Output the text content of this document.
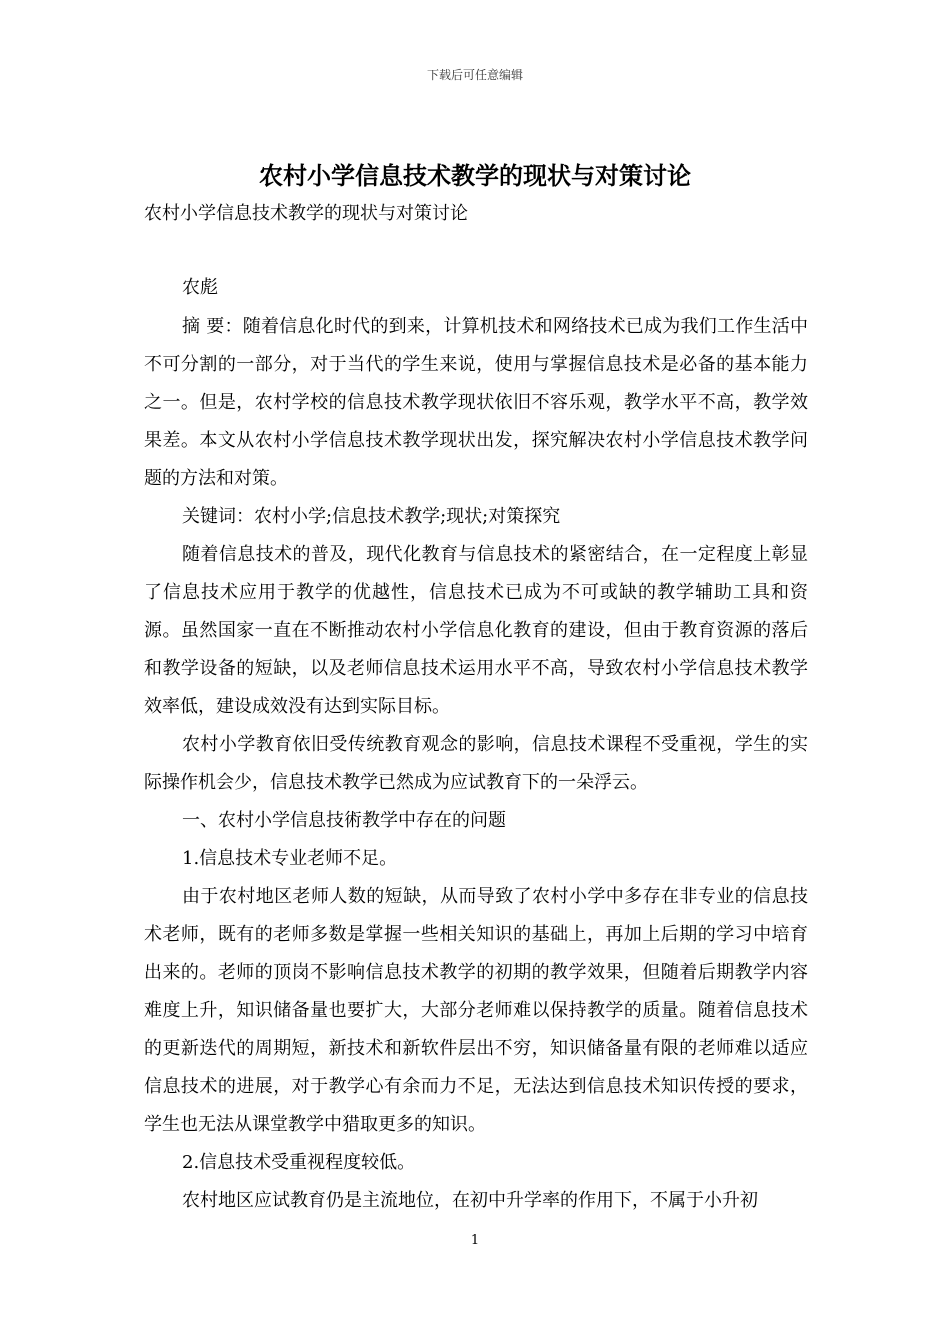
下载后可任意编辑
农村小学信息技术教学的现状与对策讨论
农村小学信息技术教学的现状与对策讨论
农彪

摘 要：随着信息化时代的到来，计算机技术和网络技术已成为我们工作生活中不可分割的一部分，对于当代的学生来说，使用与掌握信息技术是必备的基本能力之一。但是，农村学校的信息技术教学现状依旧不容乐观，教学水平不高，教学效果差。本文从农村小学信息技术教学现状出发，探究解决农村小学信息技术教学问题的方法和对策。

关键词：农村小学;信息技术教学;现状;对策探究

随着信息技术的普及，现代化教育与信息技术的紧密结合，在一定程度上彰显了信息技术应用于教学的优越性，信息技术已成为不可或缺的教学辅助工具和资源。虽然国家一直在不断推动农村小学信息化教育的建设，但由于教育资源的落后和教学设备的短缺，以及老师信息技术运用水平不高，导致农村小学信息技术教学效率低，建设成效没有达到实际目标。

农村小学教育依旧受传统教育观念的影响，信息技术课程不受重视，学生的实际操作机会少，信息技术教学已然成为应试教育下的一朵浮云。

一、农村小学信息技術教学中存在的问题

1.信息技术专业老师不足。

由于农村地区老师人数的短缺，从而导致了农村小学中多存在非专业的信息技术老师，既有的老师多数是掌握一些相关知识的基础上，再加上后期的学习中培育出来的。老师的顶岗不影响信息技术教学的初期的教学效果，但随着后期教学内容难度上升，知识储备量也要扩大，大部分老师难以保持教学的质量。随着信息技术的更新迭代的周期短，新技术和新软件层出不穷，知识储备量有限的老师难以适应信息技术的进展，对于教学心有余而力不足，无法达到信息技术知识传授的要求，学生也无法从课堂教学中猎取更多的知识。

2.信息技术受重视程度较低。

农村地区应试教育仍是主流地位，在初中升学率的作用下，不属于小升初

1
